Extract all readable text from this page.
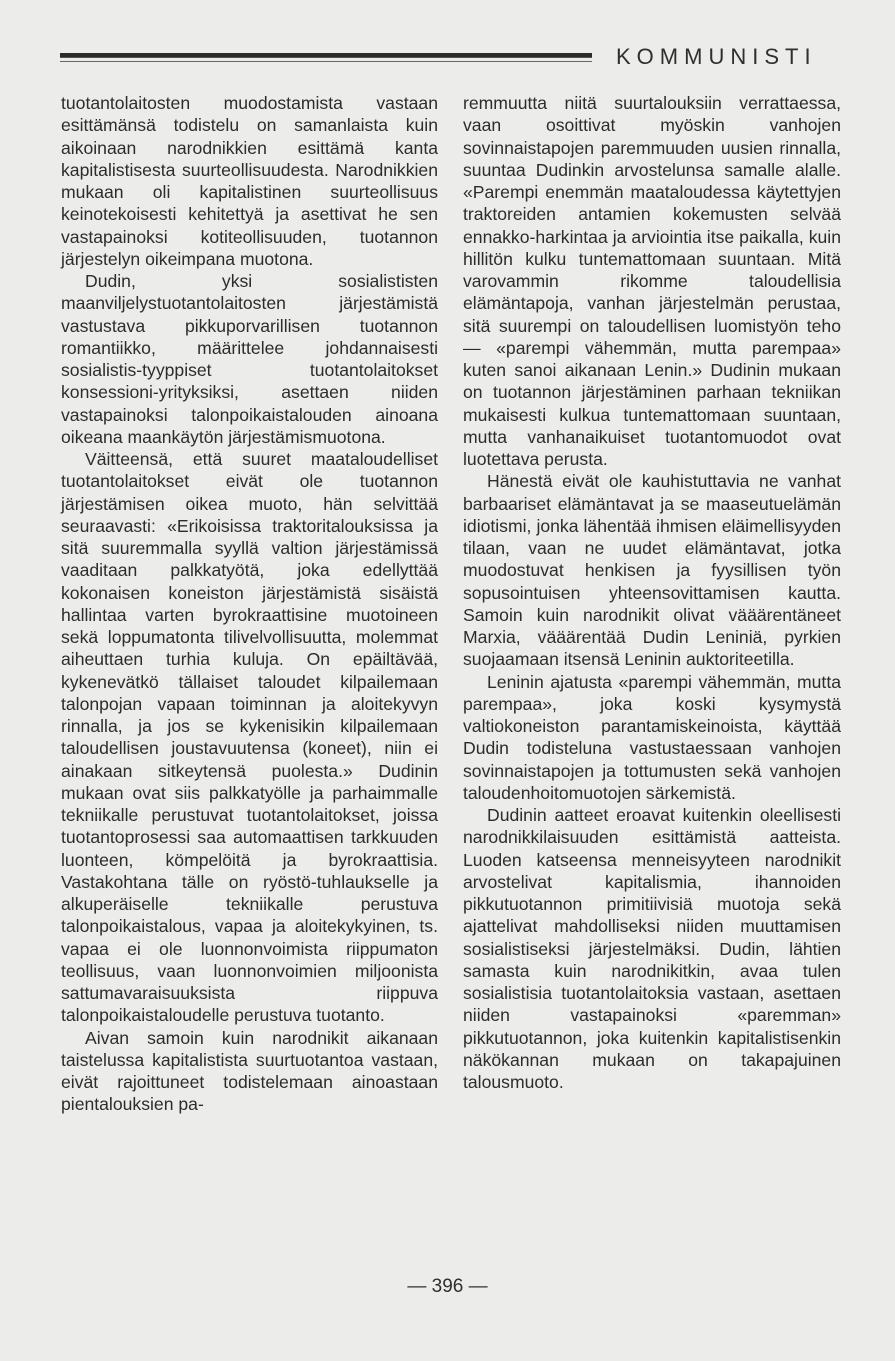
KOMMUNISTI

tuotantolaitosten muodostamista vastaan esittämänsä todistelu on samanlaista kuin aikoinaan narodnikkien esittämä kanta kapitalistisesta suurteollisuudesta. Narodnikkien mukaan oli kapitalistinen suurteollisuus keinotekoisesti kehitettyä ja asettivat he sen vastapainoksi kotiteollisuuden, tuotannon järjestelyn oikeimpana muotona.

Dudin, yksi sosialististen maanviljelystuotantolaitosten järjestämistä vastustava pikkuporvarillisen tuotannon romantiikko, määrittelee johdannaisesti sosialistis-tyyppiset tuotantolaitokset konsessioni-yrityksiksi, asettaen niiden vastapainoksi talonpoikaistalouden ainoana oikeana maankäytön järjestämismuotona.

Väitteensä, että suuret maataloudelliset tuotantolaitokset eivät ole tuotannon järjestämisen oikea muoto, hän selvittää seuraavasti: «Erikoisissa traktoritalouksissa ja sitä suuremmalla syyllä valtion järjestämissä vaaditaan palkkatyötä, joka edellyttää kokonaisen koneiston järjestämistä sisäistä hallintaa varten byrokraattisine muotoineen sekä loppumatonta tilivelvollisuutta, molemmat aiheuttaen turhia kuluja. On epäiltävää, kykenevätkö tällaiset taloudet kilpailemaan talonpojan vapaan toiminnan ja aloitekyvyn rinnalla, ja jos se kykenisikin kilpailemaan taloudellisen joustavuutensa (koneet), niin ei ainakaan sitkeytensä puolesta.» Dudinin mukaan ovat siis palkkatyölle ja parhaimmalle tekniikalle perustuvat tuotantolaitokset, joissa tuotantoprosessi saa automaattisen tarkkuuden luonteen, kömpelöitä ja byrokraattisia. Vastakohtana tälle on ryöstö-tuhlaukselle ja alkuperäiselle tekniikalle perustuva talonpoikaistalous, vapaa ja aloitekykyinen, ts. vapaa ei ole luonnonvoimista riippumaton teollisuus, vaan luonnonvoimien miljoonista sattumavaraisuuksista riippuva talonpoikaistaloudelle perustuva tuotanto.

Aivan samoin kuin narodnikit aikanaan taistelussa kapitalistista suurtuotantoa vastaan, eivät rajoittuneet todistelemaan ainoastaan pientalouksien pa-

remmuutta niitä suurtalouksiin verrattaessa, vaan osoittivat myöskin vanhojen sovinnaistapojen paremmuuden uusien rinnalla, suuntaa Dudinkin arvostelunsa samalle alalle. «Parempi enemmän maataloudessa käytettyjen traktoreiden antamien kokemusten selvää ennakko-harkintaa ja arviointia itse paikalla, kuin hillitön kulku tuntemattomaan suuntaan. Mitä varovammin rikomme taloudellisia elämäntapoja, vanhan järjestelmän perustaa, sitä suurempi on taloudellisen luomistyön teho — «parempi vähemmän, mutta parempaa» kuten sanoi aikanaan Lenin.» Dudinin mukaan on tuotannon järjestäminen parhaan tekniikan mukaisesti kulkua tuntemattomaan suuntaan, mutta vanhanaikuiset tuotantomuodot ovat luotettava perusta.

Hänestä eivät ole kauhistuttavia ne vanhat barbaariset elämäntavat ja se maaseutuelämän idiotismi, jonka lähentää ihmisen eläimellisyyden tilaan, vaan ne uudet elämäntavat, jotka muodostuvat henkisen ja fyysillisen työn sopusointuisen yhteensovittamisen kautta. Samoin kuin narodnikit olivat vääärentäneet Marxia, vääärentää Dudin Leniniä, pyrkien suojaamaan itsensä Leninin auktoriteetilla.

Leninin ajatusta «parempi vähemmän, mutta parempaa», joka koski kysymystä valtiokoneiston parantamiskeinoista, käyttää Dudin todisteluna vastustaessaan vanhojen sovinnaistapojen ja tottumusten sekä vanhojen taloudenhoitomuotojen särkemistä.

Dudinin aatteet eroavat kuitenkin oleellisesti narodnikkilaisuuden esittämistä aatteista. Luoden katseensa menneisyyteen narodnikit arvostelivat kapitalismia, ihannoiden pikkutuotannon primitiivisiä muotoja sekä ajattelivat mahdolliseksi niiden muuttamisen sosialistiseksi järjestelmäksi. Dudin, lähtien samasta kuin narodnikitkin, avaa tulen sosialistisia tuotantolaitoksia vastaan, asettaen niiden vastapainoksi «paremman» pikkutuotannon, joka kuitenkin kapitalistisenkin näkökannan mukaan on takapajuinen talousmuoto.

— 396 —
